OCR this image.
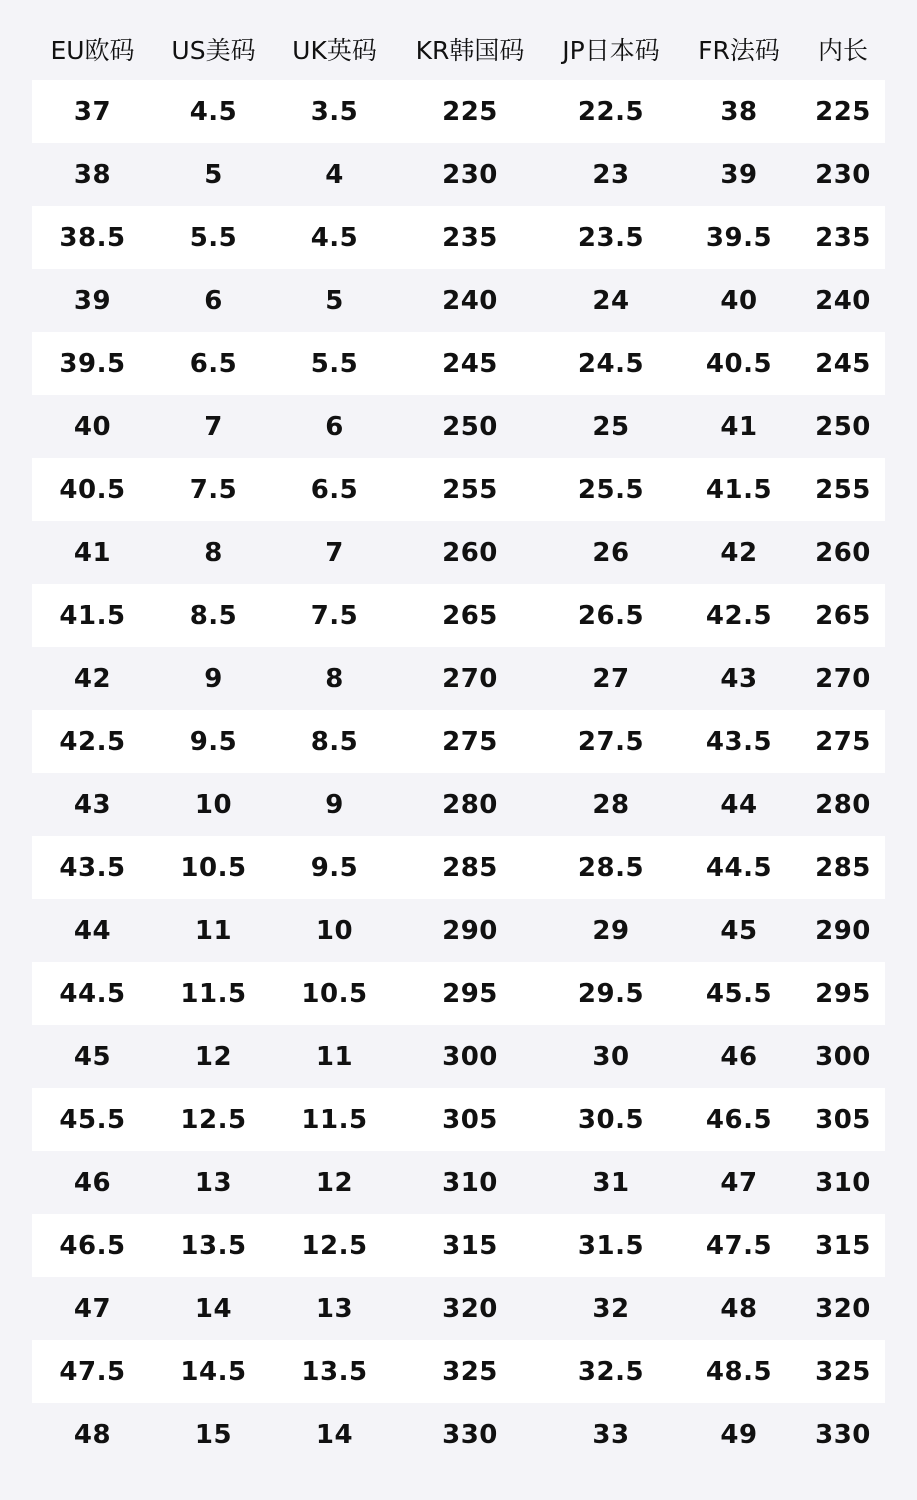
EU欧码	US美码	UK英码	KR韩国码	JP日本码	FR法码	内长
37	4.5	3.5	225	22.5	38	225
38	5	4	230	23	39	230
38.5	5.5	4.5	235	23.5	39.5	235
39	6	5	240	24	40	240
39.5	6.5	5.5	245	24.5	40.5	245
40	7	6	250	25	41	250
40.5	7.5	6.5	255	25.5	41.5	255
41	8	7	260	26	42	260
41.5	8.5	7.5	265	26.5	42.5	265
42	9	8	270	27	43	270
42.5	9.5	8.5	275	27.5	43.5	275
43	10	9	280	28	44	280
43.5	10.5	9.5	285	28.5	44.5	285
44	11	10	290	29	45	290
44.5	11.5	10.5	295	29.5	45.5	295
45	12	11	300	30	46	300
45.5	12.5	11.5	305	30.5	46.5	305
46	13	12	310	31	47	310
46.5	13.5	12.5	315	31.5	47.5	315
47	14	13	320	32	48	320
47.5	14.5	13.5	325	32.5	48.5	325
48	15	14	330	33	49	330
